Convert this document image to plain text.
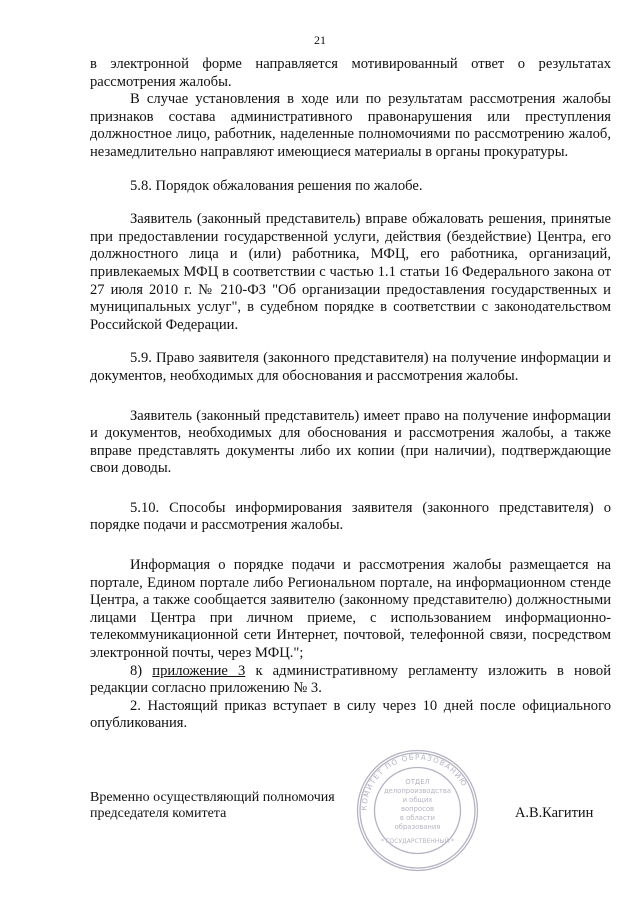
21

в электронной форме направляется мотивированный ответ о результатах рассмотрения жалобы.

В случае установления в ходе или по результатам рассмотрения жалобы признаков состава административного правонарушения или преступления должностное лицо, работник, наделенные полномочиями по рассмотрению жалоб, незамедлительно направляют имеющиеся материалы в органы прокуратуры.

5.8. Порядок обжалования решения по жалобе.

Заявитель (законный представитель) вправе обжаловать решения, принятые при предоставлении государственной услуги, действия (бездействие) Центра, его должностного лица и (или) работника, МФЦ, его работника, организаций, привлекаемых МФЦ в соответствии с частью 1.1 статьи 16 Федерального закона от 27 июля 2010 г. № 210-ФЗ "Об организации предоставления государственных и муниципальных услуг", в судебном порядке в соответствии с законодательством Российской Федерации.

5.9. Право заявителя (законного представителя) на получение информации и документов, необходимых для обоснования и рассмотрения жалобы.

Заявитель (законный представитель) имеет право на получение информации и документов, необходимых для обоснования и рассмотрения жалобы, а также вправе представлять документы либо их копии (при наличии), подтверждающие свои доводы.

5.10. Способы информирования заявителя (законного представителя) о порядке подачи и рассмотрения жалобы.

Информация о порядке подачи и рассмотрения жалобы размещается на портале, Едином портале либо Региональном портале, на информационном стенде Центра, а также сообщается заявителю (законному представителю) должностными лицами Центра при личном приеме, с использованием информационно-телекоммуникационной сети Интернет, почтовой, телефонной связи, посредством электронной почты, через МФЦ.";

8) приложение 3 к административному регламенту изложить в новой редакции согласно приложению № 3.

2. Настоящий приказ вступает в силу через 10 дней после официального опубликования.

Временно осуществляющий полномочия
председателя комитета	КОМИТЕТ ПО ОБРАЗОВАНИЮ
ОТДЕЛ
делопроизводства
и общих
вопросов
в области
образования
* ГОСУДАРСТВЕННЫЙ *
А.В.Кагитин
